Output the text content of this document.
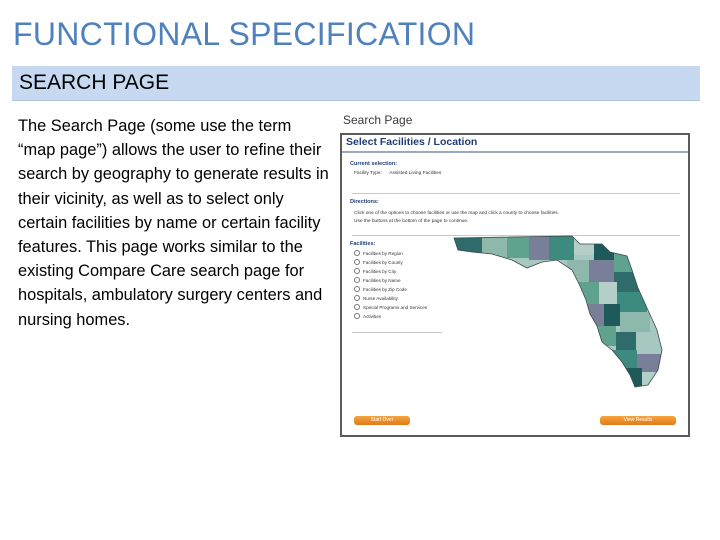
FUNCTIONAL SPECIFICATION
SEARCH PAGE
The Search Page (some use the term “map page”) allows the user to refine their search by geography to generate results in their vicinity, as well as to select only certain facilities by name or certain facility features. This page works similar to the existing Compare Care search page for hospitals, ambulatory surgery centers and nursing homes.
Search Page
Select Facilities / Location
Current selection:
Facility Type: Assisted Living Facilities
Directions:
Click one of the options to choose facilities or use the map and click a county to choose facilities.
Use the buttons at the bottom of the page to continue.
Facilities:
Facilities by Region
Facilities by County
Facilities by City
Facilities by Name
Facilities by Zip Code
Nurse Availability
Special Programs and Services
Activities
Start Over	View Results
